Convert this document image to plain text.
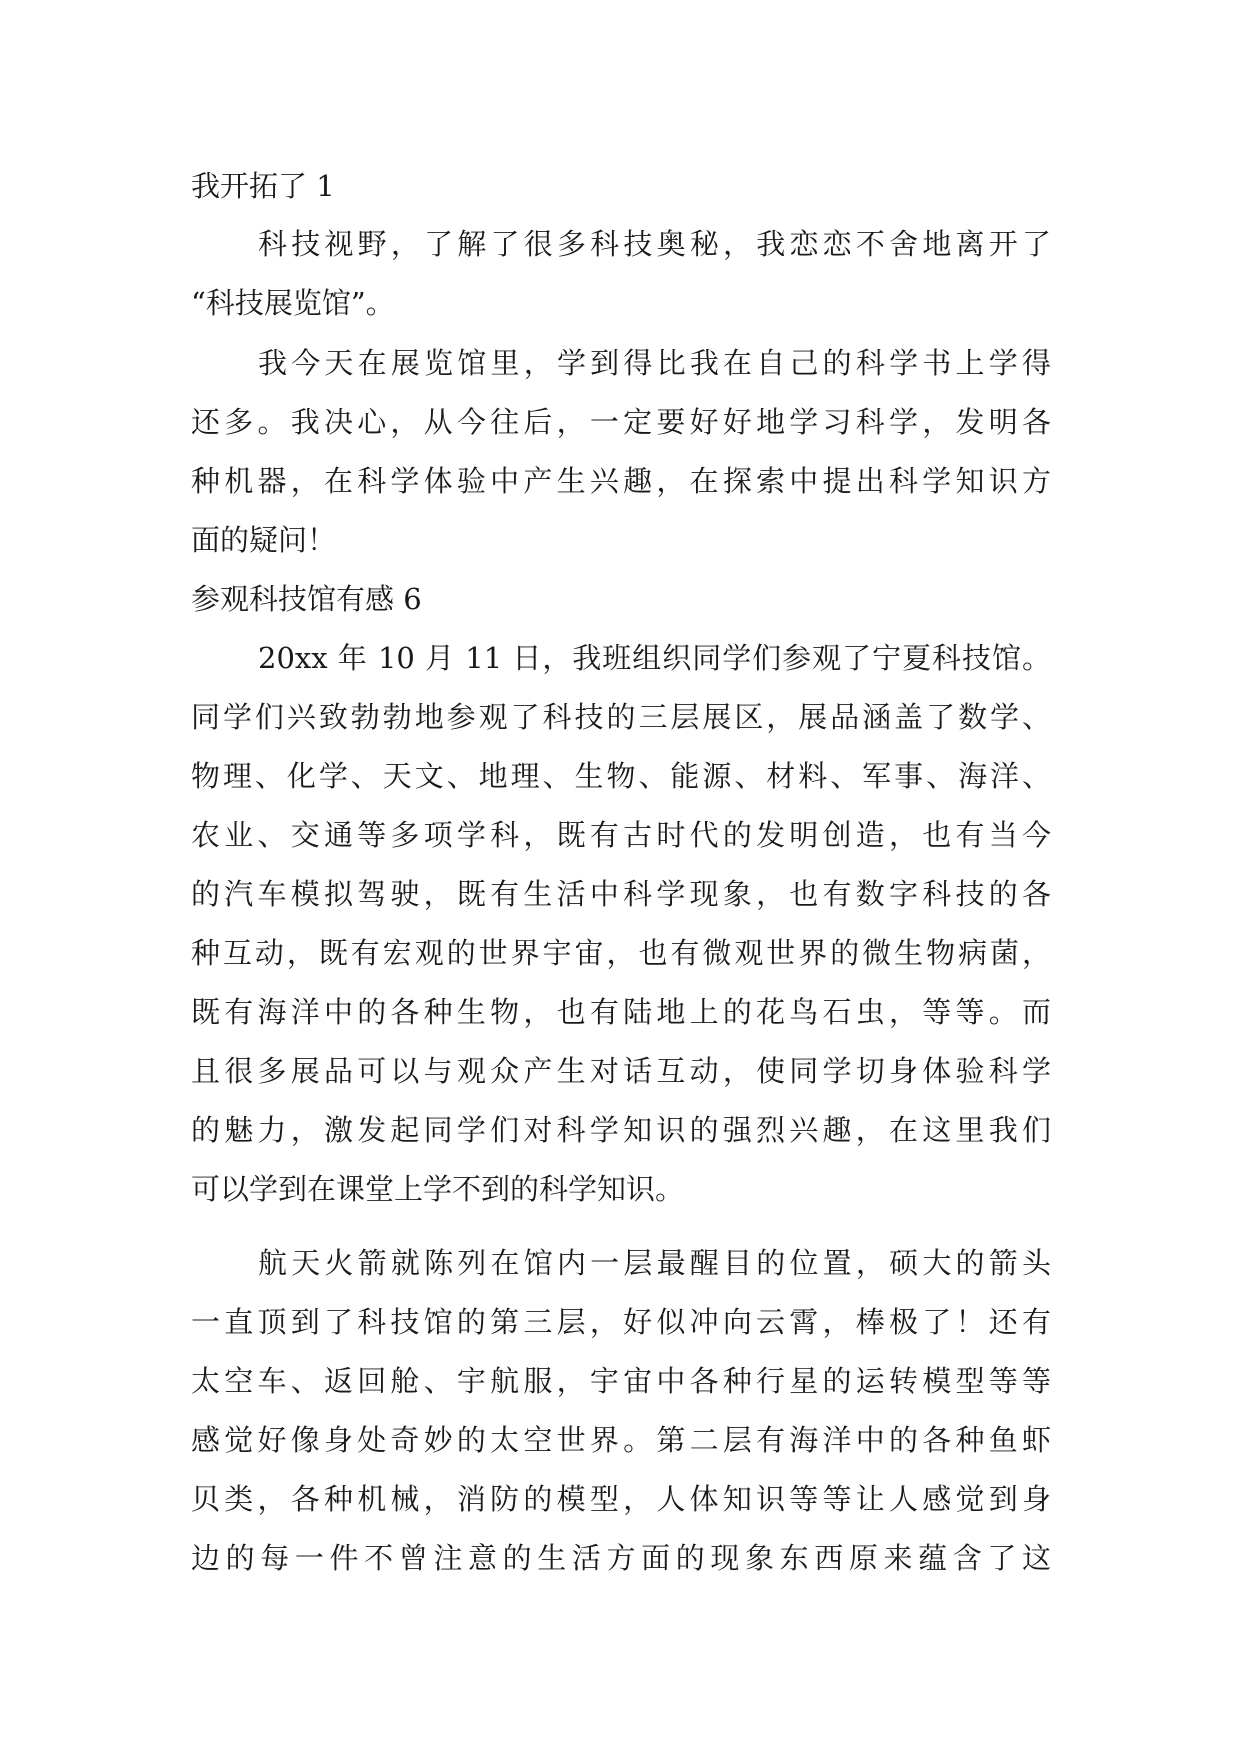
我开拓了 1
科技视野，了解了很多科技奥秘，我恋恋不舍地离开了
“科技展览馆”。
我今天在展览馆里，学到得比我在自己的科学书上学得
还多。我决心，从今往后，一定要好好地学习科学，发明各
种机器，在科学体验中产生兴趣，在探索中提出科学知识方
面的疑问！
参观科技馆有感 6
20xx 年 10 月 11 日，我班组织同学们参观了宁夏科技馆。
同学们兴致勃勃地参观了科技的三层展区，展品涵盖了数学、
物理、化学、天文、地理、生物、能源、材料、军事、海洋、
农业、交通等多项学科，既有古时代的发明创造，也有当今
的汽车模拟驾驶，既有生活中科学现象，也有数字科技的各
种互动，既有宏观的世界宇宙，也有微观世界的微生物病菌，
既有海洋中的各种生物，也有陆地上的花鸟石虫，等等。而
且很多展品可以与观众产生对话互动，使同学切身体验科学
的魅力，激发起同学们对科学知识的强烈兴趣，在这里我们
可以学到在课堂上学不到的科学知识。
航天火箭就陈列在馆内一层最醒目的位置，硕大的箭头
一直顶到了科技馆的第三层，好似冲向云霄，棒极了！还有
太空车、返回舱、宇航服，宇宙中各种行星的运转模型等等
感觉好像身处奇妙的太空世界。第二层有海洋中的各种鱼虾
贝类，各种机械，消防的模型，人体知识等等让人感觉到身
边的每一件不曾注意的生活方面的现象东西原来蕴含了这
